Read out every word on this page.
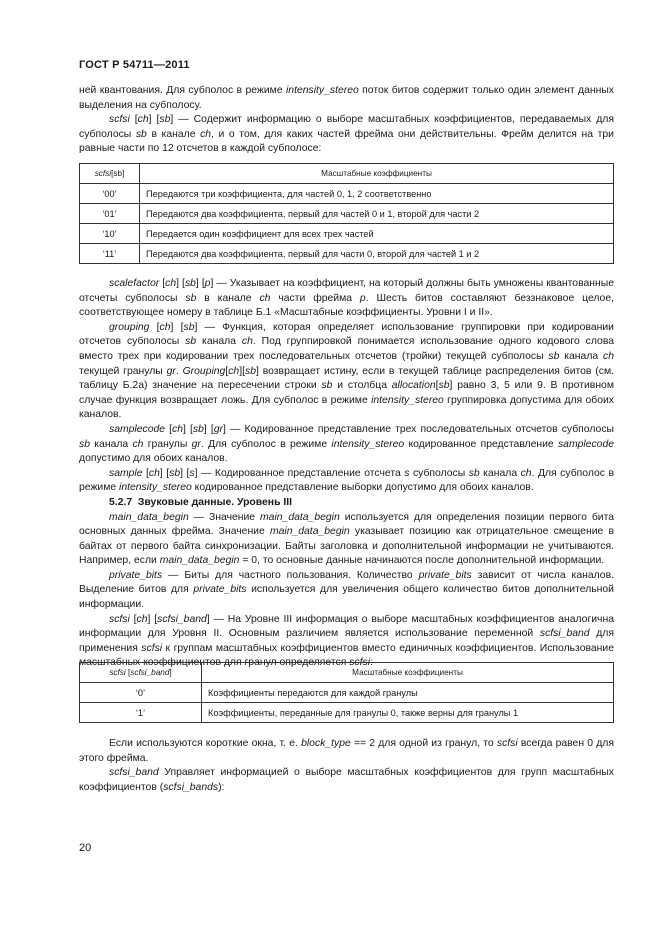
ГОСТ Р 54711—2011

ней квантования. Для субполос в режиме intensity_stereo поток битов содержит только один элемент данных выделения на субполосу.

scfsi [ch] [sb] — Содержит информацию о выборе масштабных коэффициентов, передаваемых для субполосы sb в канале ch, и о том, для каких частей фрейма они действительны. Фрейм делится на три равные части по 12 отсчетов в каждой субполосе:

scfsi[sb]	Масштабные коэффициенты
‘00’	Передаются три коэффициента, для частей 0, 1, 2 соответственно
‘01’	Передаются два коэффициента, первый для частей 0 и 1, второй для части 2
‘10’	Передается один коэффициент для всех трех частей
‘11’	Передаются два коэффициента, первый для части 0, второй для частей 1 и 2

scalefactor [ch] [sb] [p] — Указывает на коэффициент, на который должны быть умножены квантованные отсчеты субполосы sb в канале ch части фрейма p. Шесть битов составляют беззнаковое целое, соответствующее номеру в таблице Б.1 «Масштабные коэффициенты. Уровни I и II».

grouping [ch] [sb] — Функция, которая определяет использование группировки при кодировании отсчетов субполосы sb канала ch. Под группировкой понимается использование одного кодового слова вместо трех при кодировании трех последовательных отсчетов (тройки) текущей субполосы sb канала ch текущей гранулы gr. Grouping[ch][sb] возвращает истину, если в текущей таблице распределения битов (см. таблицу Б.2а) значение на пересечении строки sb и столбца allocation[sb] равно 3, 5 или 9. В противном случае функция возвращает ложь. Для субполос в режиме intensity_stereo группировка допустима для обоих каналов.

samplecode [ch] [sb] [gr] — Кодированное представление трех последовательных отсчетов субполосы sb канала ch гранулы gr. Для субполос в режиме intensity_stereo кодированное представление samplecode допустимо для обоих каналов.

sample [ch] [sb] [s] — Кодированное представление отсчета s субполосы sb канала ch. Для субполос в режиме intensity_stereo кодированное представление выборки допустимо для обоих каналов.

5.2.7 Звуковые данные. Уровень III

main_data_begin — Значение main_data_begin используется для определения позиции первого бита основных данных фрейма. Значение main_data_begin указывает позицию как отрицательное смещение в байтах от первого байта синхронизации. Байты заголовка и дополнительной информации не учитываются. Например, если main_data_begin = 0, то основные данные начинаются после дополнительной информации.

private_bits — Биты для частного пользования. Количество private_bits зависит от числа каналов. Выделение битов для private_bits используется для увеличения общего количество битов дополнительной информации.

scfsi [ch] [scfsi_band] — На Уровне III информация о выборе масштабных коэффициентов аналогична информации для Уровня II. Основным различием является использование переменной scfsi_band для применения scfsi к группам масштабных коэффициентов вместо единичных коэффициентов. Использование масштабных коэффициентов для гранул определяется scfsi:

scfsi [scfsi_band]	Масштабные коэффициенты
‘0’	Коэффициенты передаются для каждой гранулы
‘1’	Коэффициенты, переданные для гранулы 0, также верны для гранулы 1

Если используются короткие окна, т. е. block_type == 2 для одной из гранул, то scfsi всегда равен 0 для этого фрейма.

scfsi_band Управляет информацией о выборе масштабных коэффициентов для групп масштабных коэффициентов (scfsi_bands):

20
